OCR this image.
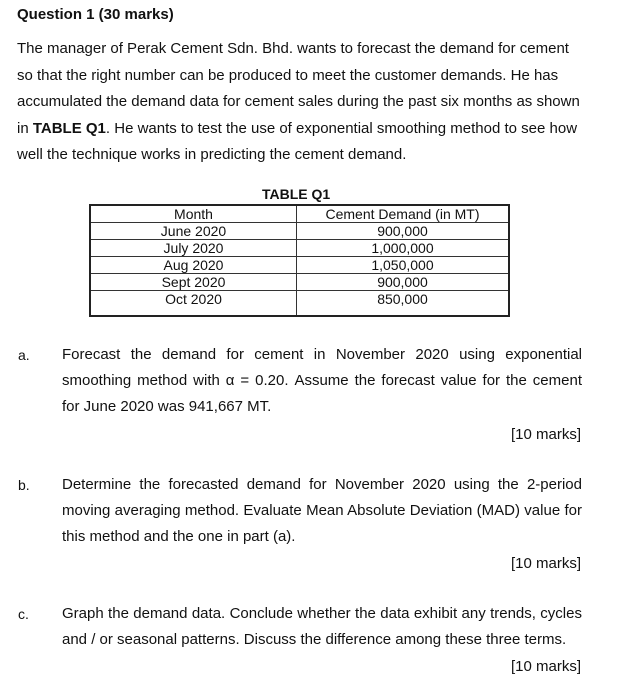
Question 1 (30 marks)

The manager of Perak Cement Sdn. Bhd. wants to forecast the demand for cement so that the right number can be produced to meet the customer demands. He has accumulated the demand data for cement sales during the past six months as shown in TABLE Q1. He wants to test the use of exponential smoothing method to see how well the technique works in predicting the cement demand.

TABLE Q1
Month	Cement Demand (in MT)
June 2020	900,000
July 2020	1,000,000
Aug 2020	1,050,000
Sept 2020	900,000
Oct 2020	850,000
a. Forecast the demand for cement in November 2020 using exponential smoothing method with α = 0.20. Assume the forecast value for the cement for June 2020 was 941,667 MT.

[10 marks]
b. Determine the forecasted demand for November 2020 using the 2-period moving averaging method. Evaluate Mean Absolute Deviation (MAD) value for this method and the one in part (a).

[10 marks]
c. Graph the demand data. Conclude whether the data exhibit any trends, cycles and / or seasonal patterns. Discuss the difference among these three terms.

[10 marks]
